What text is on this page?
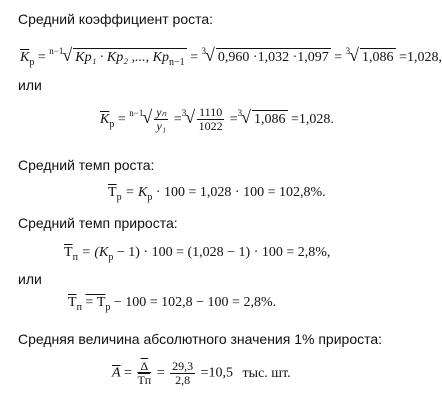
Средний коэффициент роста:
$\overline{K}_р = ^{n-1}√$ Kр₁ · Kр₂ ,..., $Kр_{n-1} = ^3√$ 0,960 ·1,032 ·1,097 = $^3$√ 1,086 =1,028,
или
$\overline{K}_р = ^{n-1}√ \frac{\text{yₙ}}{\text{y₁}} =^3√ \frac{1110}{1022} =^3√$ 1,086 =1,028.
Средний темп роста:
$\overline{T}_р = K_р \cdot 100 = 1,028 \cdot 100 = 102,8\%$.
Средний темп прироста:
$\overline{T}_п = (K_р - 1) \cdot 100 = (1,028 - 1) \cdot 100 = 2,8\%$,
или
$\overline{T}_п = T_р - 100 = 102,8 - 100 = 2,8\%$.
Средняя величина абсолютного значения 1% прироста:
$\overline{A} = \frac{\overline{\Delta}}{Tп} = \frac{29,3}{2,8} =10,5$ тыс. шт.
